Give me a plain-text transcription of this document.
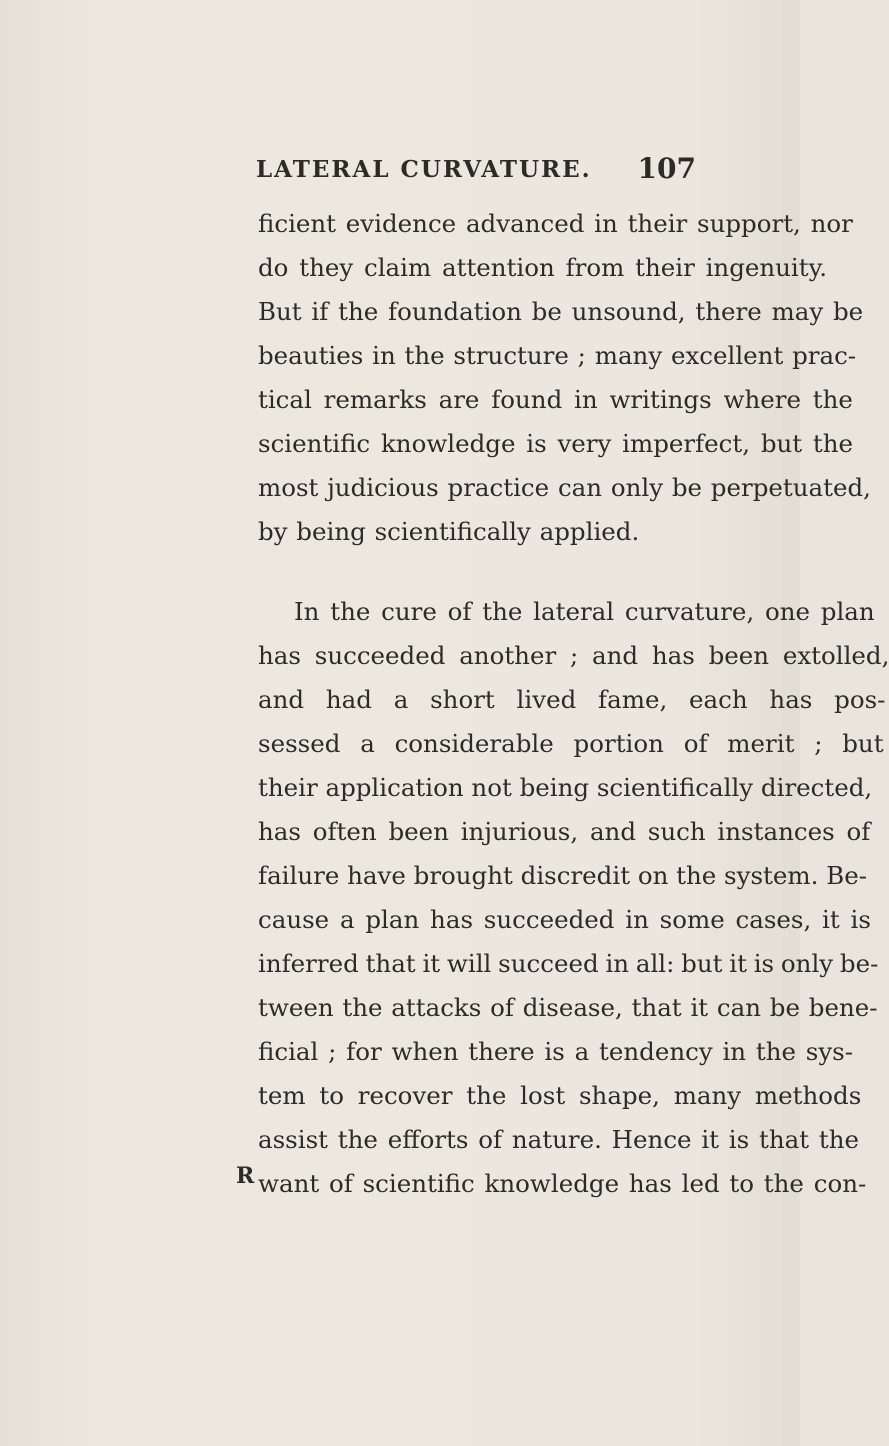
LATERAL CURVATURE. 107
ficient evidence advanced in their support, nor
do they claim attention from their ingenuity.
But if the foundation be unsound, there may be
beauties in the structure ; many excellent prac-
tical remarks are found in writings where the
scientific knowledge is very imperfect, but the
most judicious practice can only be perpetuated,
by being scientifically applied.
In the cure of the lateral curvature, one plan
has succeeded another ; and has been extolled,
and had a short lived fame, each has pos-
sessed a considerable portion of merit ; but
their application not being scientifically directed,
has often been injurious, and such instances of
failure have brought discredit on the system. Be-
cause a plan has succeeded in some cases, it is
inferred that it will succeed in all: but it is only be-
tween the attacks of disease, that it can be bene-
ficial ; for when there is a tendency in the sys-
tem to recover the lost shape, many methods
assist the efforts of nature. Hence it is that the
want of scientific knowledge has led to the con-
R
